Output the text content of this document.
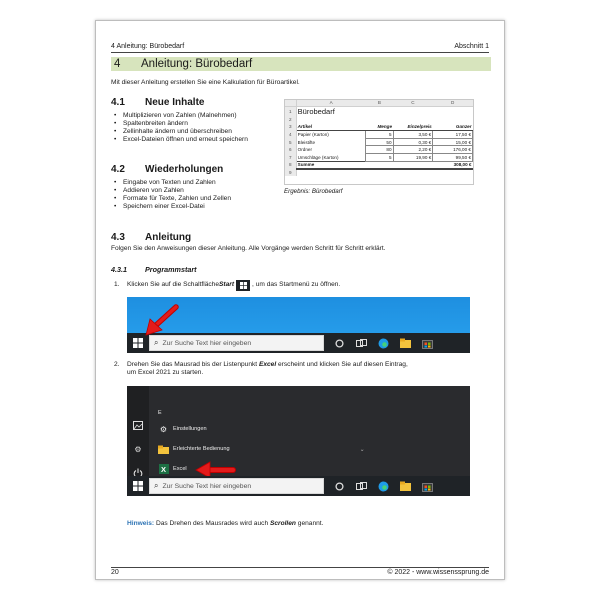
4 Anleitung: Bürobedarf	Abschnitt 1
4	Anleitung: Bürobedarf
Mit dieser Anleitung erstellen Sie eine Kalkulation für Büroartikel.
4.1	Neue Inhalte
• Multiplizieren von Zahlen (Malnehmen)
• Spaltenbreiten ändern
• Zellinhalte ändern und überschreiben
• Excel-Dateien öffnen und erneut speichern
4.2	Wiederholungen
• Eingabe von Texten und Zahlen
• Addieren von Zahlen
• Formate für Texte, Zahlen und Zellen
• Speichern einer Excel-Datei
	A	B	C	D
1	Bürobedarf			
2				
3	Artikel	Menge	Einzelpreis	Ganzer
4	Papier (Karton)	5	3,50 €	17,50 €
5	Bleistifte	50	0,30 €	15,00 €
6	Ordner	80	2,20 €	176,00 €
7	Umschläge (Karton)	5	19,90 €	99,50 €
8	Summe			308,00 €
9				
Ergebnis: Bürobedarf
4.3	Anleitung
Folgen Sie den Anweisungen dieser Anleitung. Alle Vorgänge werden Schritt für Schritt erklärt.
4.3.1	Programmstart
1.	Klicken Sie auf die Schaltfläche Start	, um das Startmenü zu öffnen.
⌕ Zur Suche Text hier eingeben
2. Drehen Sie das Mausrad bis der Listenpunkt Excel erscheint und klicken Sie auf diesen Eintrag,
um Excel 2021 zu starten.
⚙
E
⚙	Einstellungen
Erleichterte Bedienung	⌄
X Excel
⌕ Zur Suche Text hier eingeben
Hinweis: Das Drehen des Mausrades wird auch Scrollen genannt.
20	© 2022 - www.wissenssprung.de
